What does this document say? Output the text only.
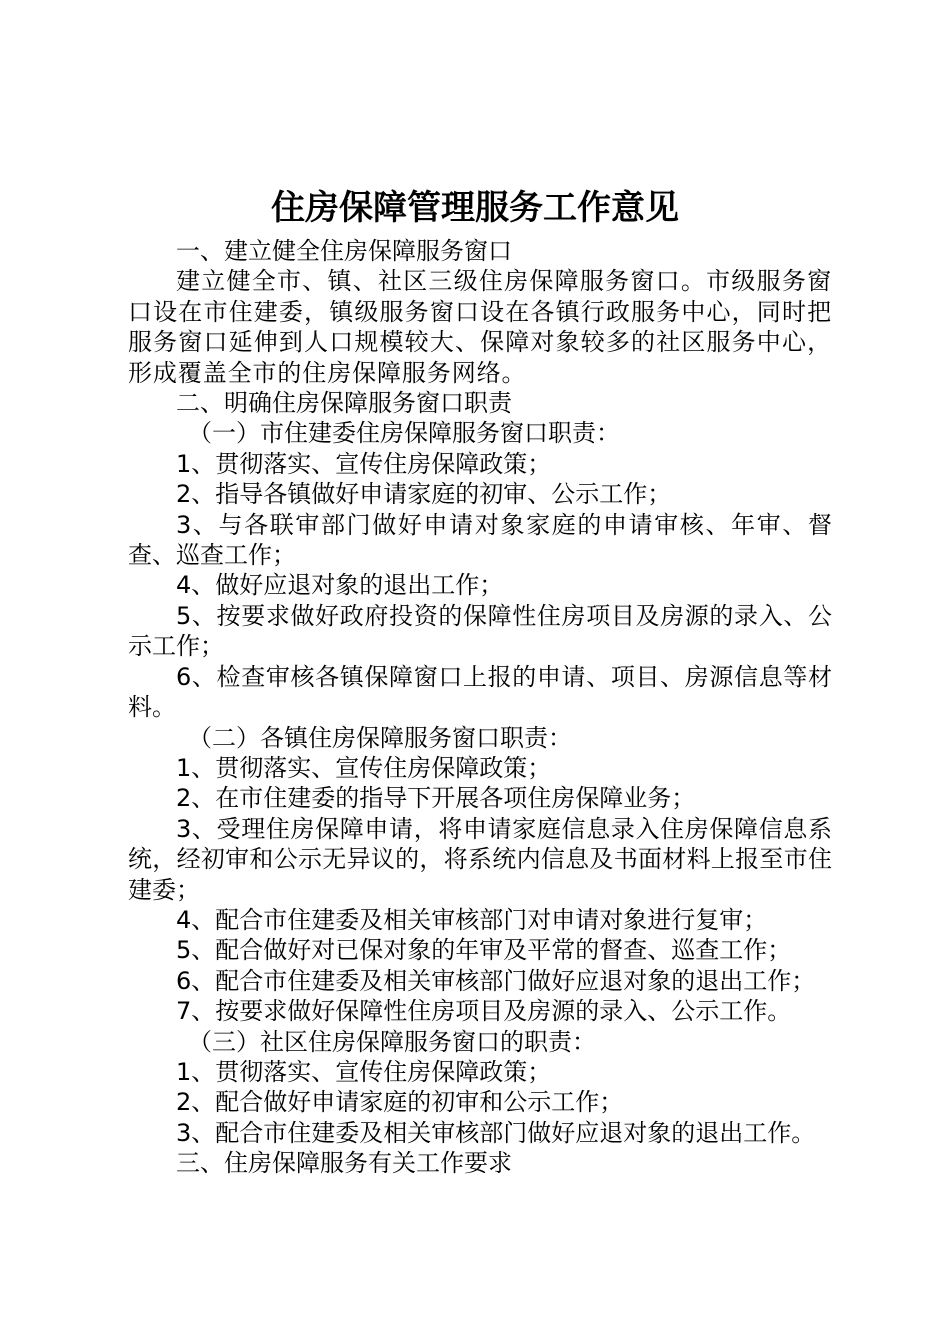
住房保障管理服务工作意见

一、建立健全住房保障服务窗口

建立健全市、镇、社区三级住房保障服务窗口。市级服务窗口设在市住建委，镇级服务窗口设在各镇行政服务中心，同时把服务窗口延伸到人口规模较大、保障对象较多的社区服务中心，形成覆盖全市的住房保障服务网络。

二、明确住房保障服务窗口职责

（一）市住建委住房保障服务窗口职责：

1、贯彻落实、宣传住房保障政策；

2、指导各镇做好申请家庭的初审、公示工作；

3、与各联审部门做好申请对象家庭的申请审核、年审、督查、巡查工作；

4、做好应退对象的退出工作；

5、按要求做好政府投资的保障性住房项目及房源的录入、公示工作；

6、检查审核各镇保障窗口上报的申请、项目、房源信息等材料。

（二）各镇住房保障服务窗口职责：

1、贯彻落实、宣传住房保障政策；

2、在市住建委的指导下开展各项住房保障业务；

3、受理住房保障申请，将申请家庭信息录入住房保障信息系统，经初审和公示无异议的，将系统内信息及书面材料上报至市住建委；

4、配合市住建委及相关审核部门对申请对象进行复审；

5、配合做好对已保对象的年审及平常的督查、巡查工作；

6、配合市住建委及相关审核部门做好应退对象的退出工作；

7、按要求做好保障性住房项目及房源的录入、公示工作。

（三）社区住房保障服务窗口的职责：

1、贯彻落实、宣传住房保障政策；

2、配合做好申请家庭的初审和公示工作；

3、配合市住建委及相关审核部门做好应退对象的退出工作。

三、住房保障服务有关工作要求
